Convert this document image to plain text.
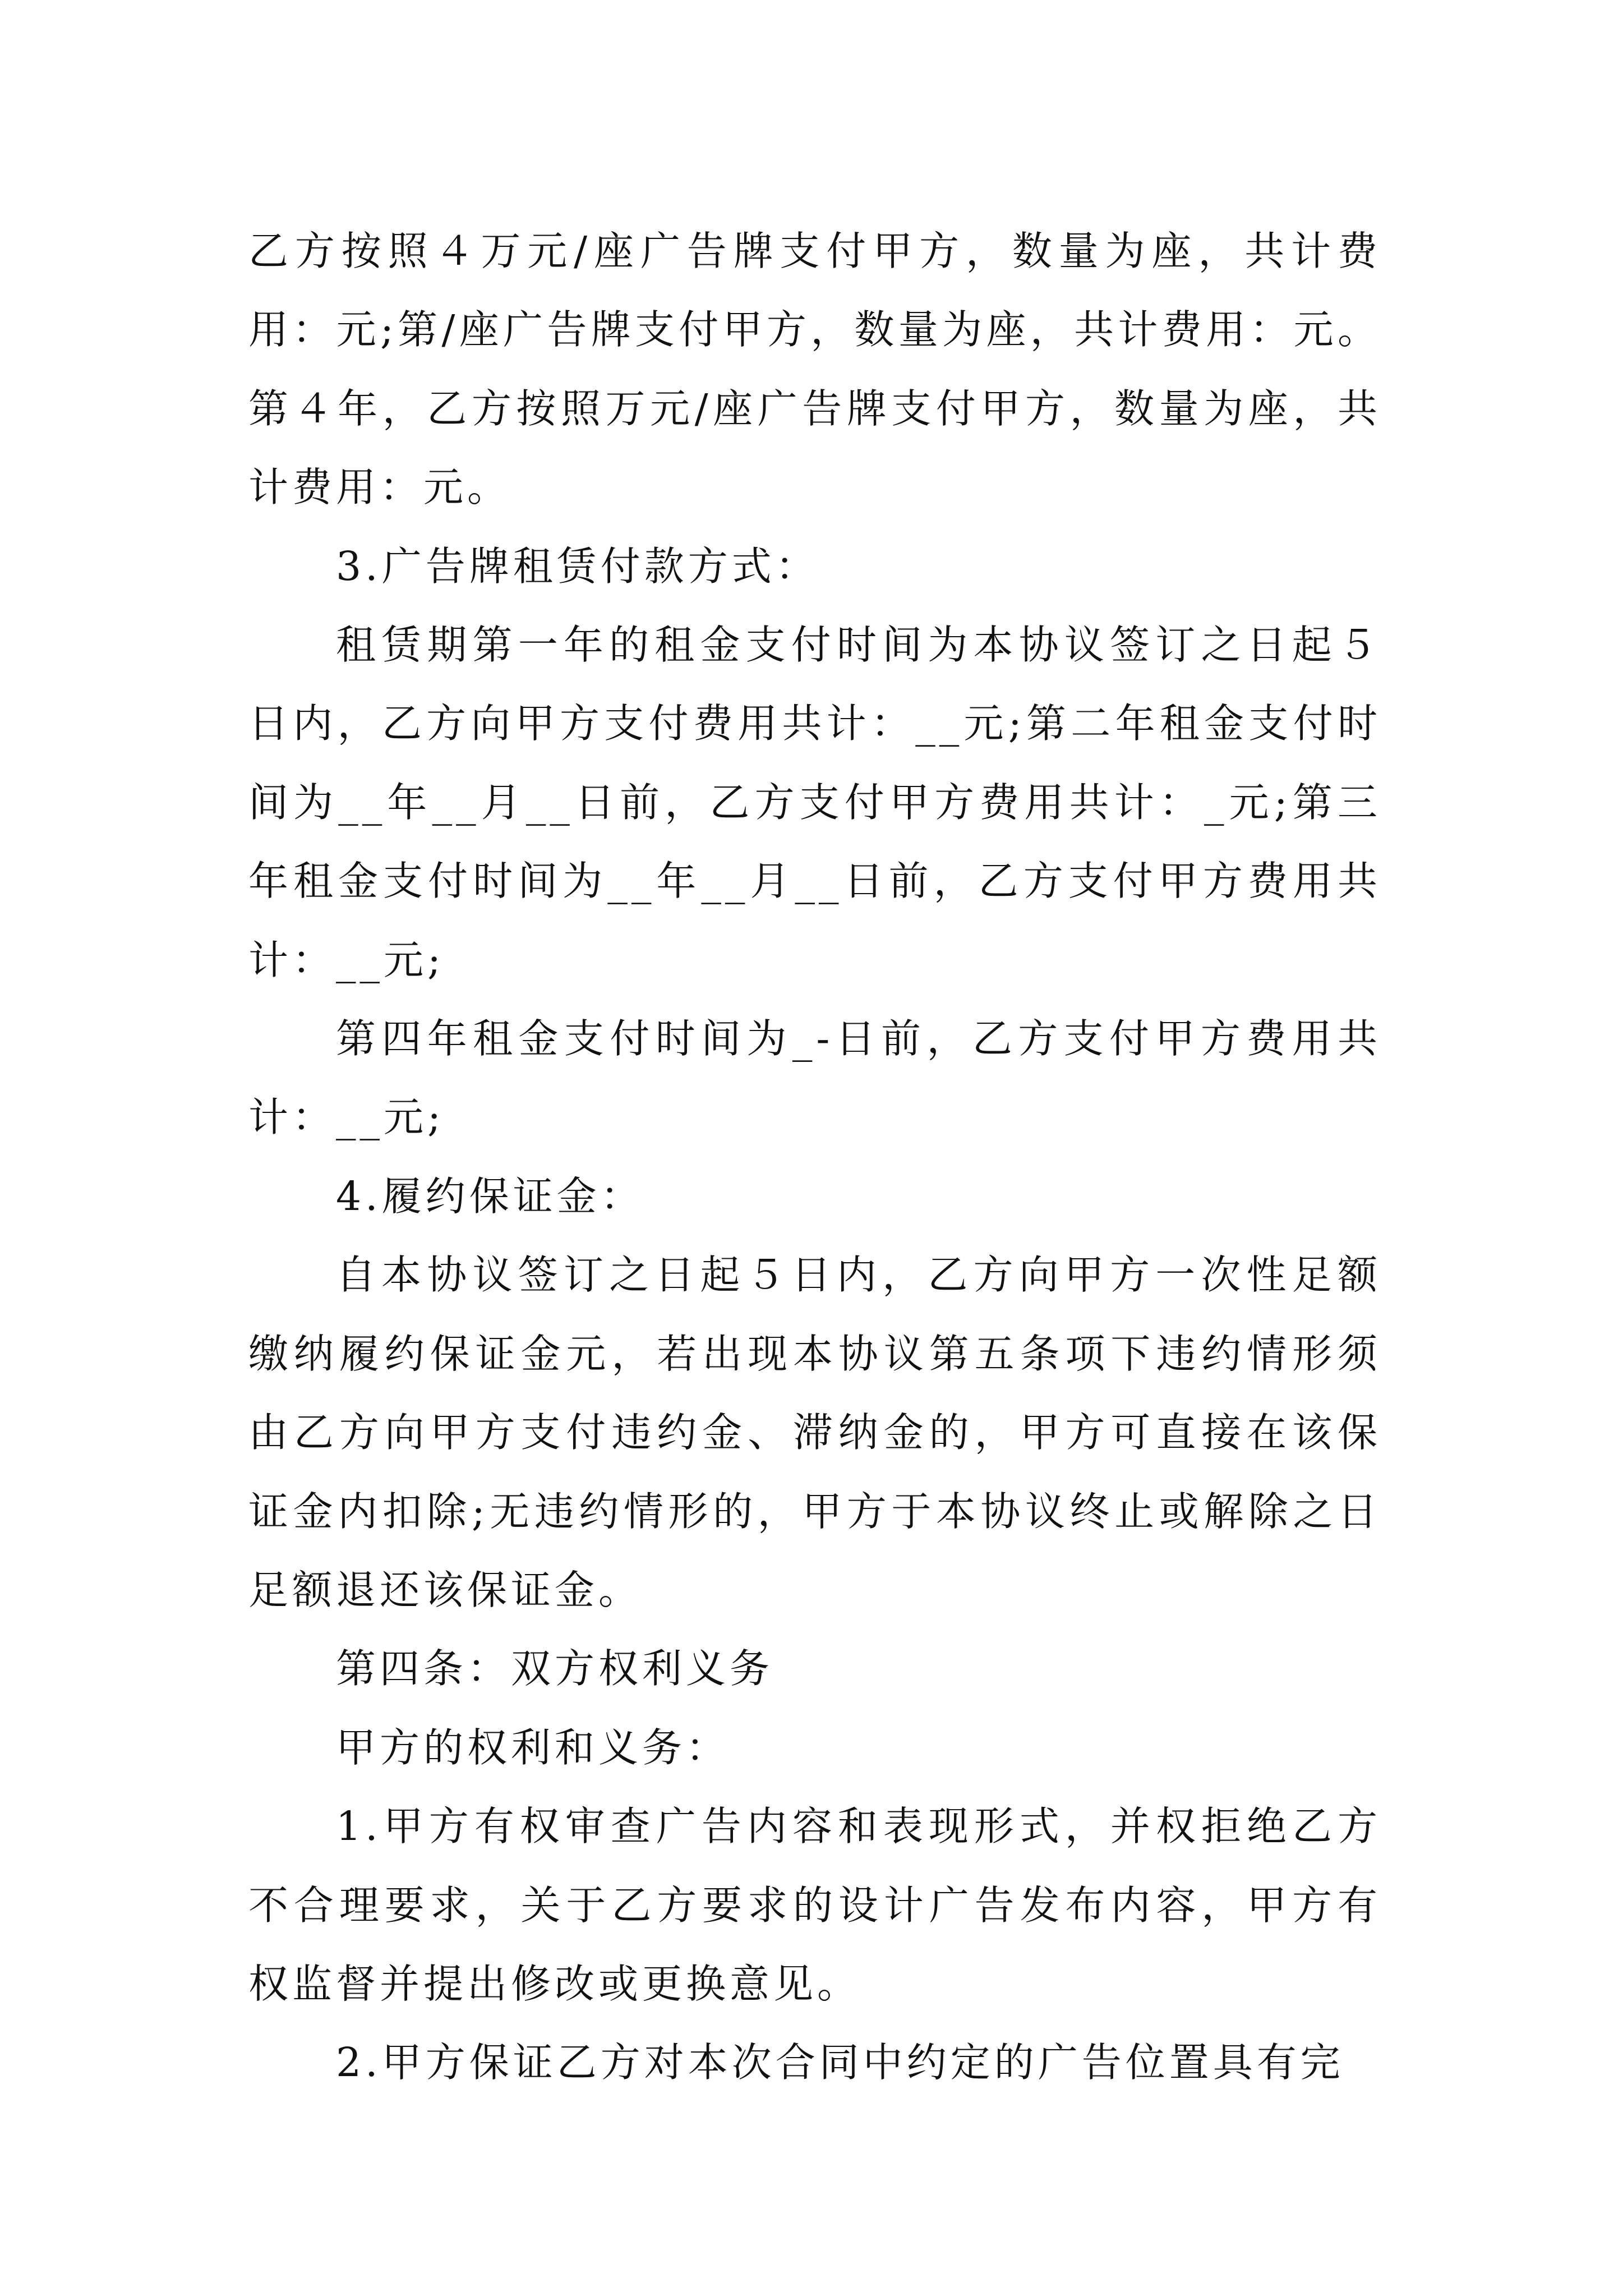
乙方按照４万元/座广告牌支付甲方，数量为座，共计费用：元;第/座广告牌支付甲方，数量为座，共计费用：元。第４年，乙方按照万元/座广告牌支付甲方，数量为座，共计费用：元。

3.广告牌租赁付款方式：

租赁期第一年的租金支付时间为本协议签订之日起５日内，乙方向甲方支付费用共计：__元;第二年租金支付时间为__年__月__日前，乙方支付甲方费用共计：_元;第三年租金支付时间为__年__月__日前，乙方支付甲方费用共计：__元;

第四年租金支付时间为_-日前，乙方支付甲方费用共计：__元;

4.履约保证金：

自本协议签订之日起５日内，乙方向甲方一次性足额缴纳履约保证金元，若出现本协议第五条项下违约情形须由乙方向甲方支付违约金、滞纳金的，甲方可直接在该保证金内扣除;无违约情形的，甲方于本协议终止或解除之日足额退还该保证金。

第四条：双方权利义务

甲方的权利和义务：

1.甲方有权审查广告内容和表现形式，并权拒绝乙方不合理要求，关于乙方要求的设计广告发布内容，甲方有权监督并提出修改或更换意见。

2.甲方保证乙方对本次合同中约定的广告位置具有完
